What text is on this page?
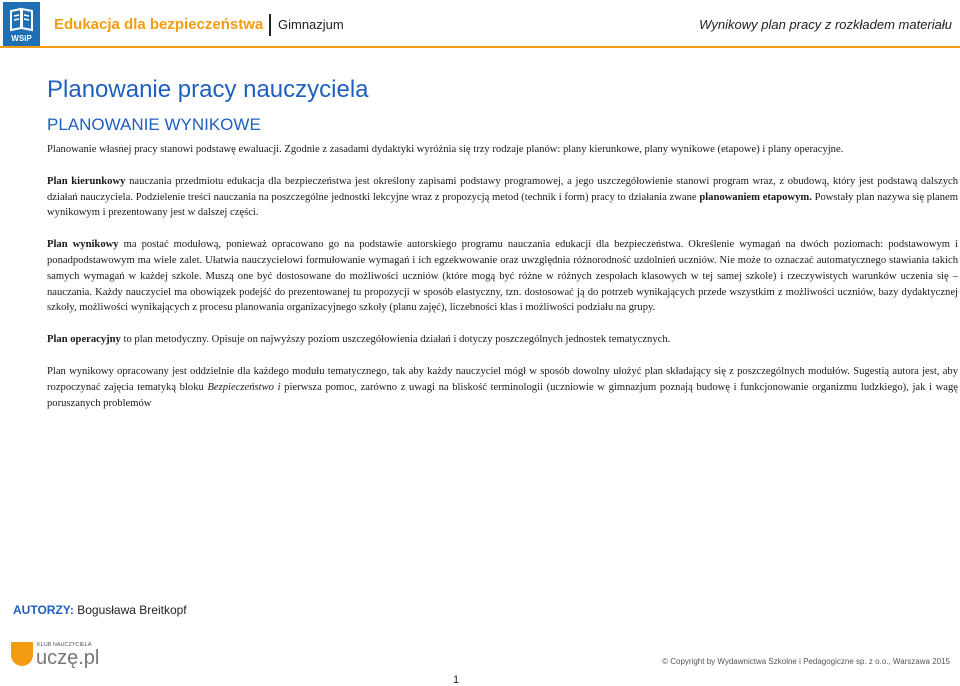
WSiP
Edukacja dla bezpieczeństwa Gimnazjum	Wynikowy plan pracy z rozkładem materiału
Planowanie pracy nauczyciela
PLANOWANIE WYNIKOWE

Planowanie własnej pracy stanowi podstawę ewaluacji. Zgodnie z zasadami dydaktyki wyróżnia się trzy rodzaje planów: plany kierunkowe, plany wynikowe (etapowe) i plany operacyjne.

Plan kierunkowy nauczania przedmiotu edukacja dla bezpieczeństwa jest określony zapisami podstawy programowej, a jego uszczegółowienie stanowi program wraz, z obudową, który jest podstawą dalszych działań nauczyciela. Podzielenie treści nauczania na poszczególne jednostki lekcyjne wraz z propozycją metod (technik i form) pracy to działania zwane planowaniem etapowym. Powstały plan nazywa się planem wynikowym i prezentowany jest w dalszej części.

Plan wynikowy ma postać modułową, ponieważ opracowano go na podstawie autorskiego programu nauczania edukacji dla bezpieczeństwa. Określenie wymagań na dwóch poziomach: podstawowym i ponadpodstawowym ma wiele zalet. Ułatwia nauczycielowi formułowanie wymagań i ich egzekwowanie oraz uwzględnia różnorodność uzdolnień uczniów. Nie może to oznaczać automatycznego stawiania takich samych wymagań w każdej szkole. Muszą one być dostosowane do możliwości uczniów (które mogą być różne w różnych zespołach klasowych w tej samej szkole) i rzeczywistych warunków uczenia się – nauczania. Każdy nauczyciel ma obowiązek podejść do prezentowanej tu propozycji w sposób elastyczny, tzn. dostosować ją do potrzeb wynikających przede wszystkim z możliwości uczniów, bazy dydaktycznej szkoły, możliwości wynikających z procesu planowania organizacyjnego szkoły (planu zajęć), liczebności klas i możliwości podziału na grupy.

Plan operacyjny to plan metodyczny. Opisuje on najwyższy poziom uszczegółowienia działań i dotyczy poszczególnych jednostek tematycznych.

Plan wynikowy opracowany jest oddzielnie dla każdego modułu tematycznego, tak aby każdy nauczyciel mógł w sposób dowolny ułożyć plan składający się z poszczególnych modułów. Sugestią autora jest, aby rozpoczynać zajęcia tematyką bloku Bezpieczeństwo i pierwsza pomoc, zarówno z uwagi na bliskość terminologii (uczniowie w gimnazjum poznają budowę i funkcjonowanie organizmu ludzkiego), jak i wagę poruszanych problemów

AUTORZY: Bogusława Breitkopf
KLUB NAUCZYCIELA
uczę.pl	© Copyright by Wydawnictwa Szkolne i Pedagogiczne sp. z o.o., Warszawa 2015
1
